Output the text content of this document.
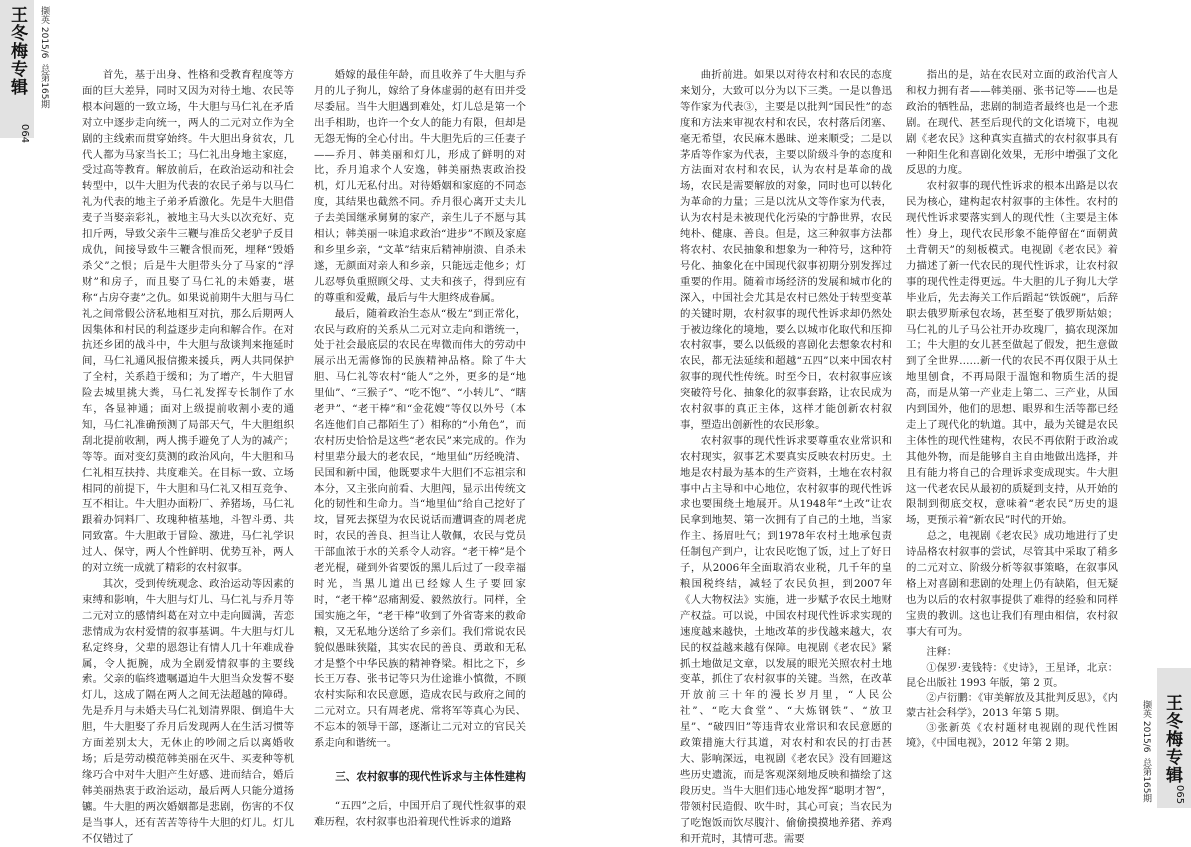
王冬梅专辑
064
撷英 2015/6  总第165期	首先，基于出身、性格和受教育程度等方面的巨大差异，同时又因为对待土地、农民等根本问题的一致立场，牛大胆与马仁礼在矛盾对立中逐步走向统一，两人的二元对立作为全剧的主线索而贯穿始终。牛大胆出身贫农，几代人都为马家当长工；马仁礼出身地主家庭，受过高等教育。解放前后，在政治运动和社会转型中，以牛大胆为代表的农民子弟与以马仁礼为代表的地主子弟矛盾激化。先是牛大胆借麦子当娶亲彩礼，被地主马大头以次充好、克扣斤两，导致父亲牛三鞭与准岳父老驴子反目成仇，间接导致牛三鞭含恨而死，埋释“毁婚杀父”之恨；后是牛大胆带头分了马家的“浮财”和房子，而且娶了马仁礼的未婚妻，堪称“占房夺妻”之仇。如果说前期牛大胆与马仁礼之间常假公济私地相互对抗，那么后期两人因集体和村民的利益逐步走向和解合作。在对抗还乡团的战斗中，牛大胆与敌谈判来拖延时间，马仁礼通风报信搬来援兵，两人共同保护了全村，关系趋于缓和；为了增产，牛大胆冒险去城里挑大粪，马仁礼发挥专长制作了水车，各显神通；面对上级提前收割小麦的通知，马仁礼准确预测了局部天气，牛大胆组织刮北提前收割，两人携手避免了人为的减产；等等。面对变幻莫测的政治风向，牛大胆和马仁礼相互扶持、共度难关。在目标一致、立场相同的前提下，牛大胆和马仁礼又相互竞争、互不相让。牛大胆办面粉厂、养猪场，马仁礼跟着办饲料厂、玫瑰种植基地，斗智斗勇、共同致富。牛大胆敢于冒险、激进，马仁礼学识过人、保守，两人个性鲜明、优势互补，两人的对立统一成就了精彩的农村叙事。

其次，受到传统观念、政治运动等因素的束缚和影响，牛大胆与灯儿、马仁礼与乔月等二元对立的感情纠葛在对立中走向圆满，苦恋悲情成为农村爱情的叙事基调。牛大胆与灯儿私定终身，父辈的恩怨让有情人几十年难成眷属，令人扼腕，成为全剧爱情叙事的主要线索。父亲的临终遗嘱逼迫牛大胆当众发誓不娶灯儿，这成了隔在两人之间无法超越的障碍。先是乔月与未婚夫马仁礼划清界限、倒追牛大胆，牛大胆娶了乔月后发现两人在生活习惯等方面差别太大，无休止的吵闹之后以离婚收场；后是劳动模范韩美丽在灭牛、买麦种等机缘巧合中对牛大胆产生好感、进而结合，婚后韩美丽热衷于政治运动，最后两人只能分道扬镳。牛大胆的两次婚姻都是悲剧，伤害的不仅是当事人，还有苦苦等待牛大胆的灯儿。灯儿不仅错过了

婚嫁的最佳年龄，而且收养了牛大胆与乔月的儿子狗儿，嫁给了身体虚弱的赵有田并受尽委屈。当牛大胆遇到难处，灯儿总是第一个出手相助，也许一个女人的能力有限，但却是无怨无悔的全心付出。牛大胆先后的三任妻子——乔月、韩美丽和灯儿，形成了鲜明的对比，乔月追求个人安逸，韩美丽热衷政治投机，灯儿无私付出。对待婚姻和家庭的不同态度，其结果也截然不同。乔月很心离开丈夫儿子去美国继承舅舅的家产，亲生儿子不愿与其相认；韩美丽一味追求政治“进步”不顾及家庭和乡里乡亲，“文革”结束后精神崩溃、自杀未遂，无颜面对亲人和乡亲，只能远走他乡；灯儿忍辱负重照顾父母、丈夫和孩子，得到应有的尊重和爱戴，最后与牛大胆终成眷属。

最后，随着政治生态从“极左”到正常化，农民与政府的关系从二元对立走向和谐统一，处于社会最底层的农民在卑微而伟大的劳动中展示出无需修饰的民族精神品格。除了牛大胆、马仁礼等农村“能人”之外，更多的是“地里仙”、“三猴子”、“吃不饱”、“小转儿”、“瞎老尹”、“老干棒”和“金花嫂”等仅以外号（本名连他们自己都陌生了）相称的“小角色”，而农村历史恰恰是这些“老农民”来完成的。作为村里辈分最大的老农民，“地里仙”历经晚清、民国和新中国，他既要求牛大胆们不忘祖宗和本分，又主张向前看、大胆闯，显示出传统文化的韧性和生命力。当“地里仙”给自己挖好了坟，冒死去探望为农民说话而遭调查的周老虎时，农民的善良、担当让人敬佩，农民与党员干部血浓于水的关系令人动容。“老干棒”是个老光棍，碰到外省要饭的黑儿后过了一段幸福时光，当黑儿道出已经嫁人生子要回家时，“老干棒”忍痛割爱、毅然放行。同样，全国实施之年，“老干棒”收到了外省寄来的救命粮，又无私地分送给了乡亲们。我们常说农民貌似愚昧狭隘，其实农民的善良、勇敢和无私才是整个中华民族的精神脊梁。相比之下，乡长王万春、张书记等只为仕途谁小慎微，不顾农村实际和农民意愿，造成农民与政府之间的二元对立。只有周老虎、常将军等真心为民、不忘本的领导干部，逐渐让二元对立的官民关系走向和谐统一。

三、农村叙事的现代性诉求与主体性建构

“五四”之后，中国开启了现代性叙事的艰难历程，农村叙事也沿着现代性诉求的道路

曲折前进。如果以对待农村和农民的态度来划分，大致可以分为以下三类。一是以鲁迅等作家为代表③，主要是以批判“国民性”的态度和方法来审视农村和农民，农村落后闭塞、毫无希望，农民麻木愚昧、逆来顺受；二是以茅盾等作家为代表，主要以阶级斗争的态度和方法面对农村和农民，认为农村是革命的战场，农民是需要解放的对象，同时也可以转化为革命的力量；三是以沈从文等作家为代表，认为农村是未被现代化污染的宁静世界，农民纯朴、健康、善良。但是，这三种叙事方法都将农村、农民抽象和想象为一种符号，这种符号化、抽象化在中国现代叙事初期分别发挥过重要的作用。随着市场经济的发展和城市化的深入，中国社会尤其是农村已然处于转型变革的关键时期，农村叙事的现代性诉求却仍然处于被边缘化的境地，要么以城市化取代和压抑农村叙事，要么以低级的喜剧化去想象农村和农民，都无法延续和超越“五四”以来中国农村叙事的现代性传统。时至今日，农村叙事应该突破符号化、抽象化的叙事套路，让农民成为农村叙事的真正主体，这样才能创新农村叙事，塑造出创新性的农民形象。

农村叙事的现代性诉求要尊重农业常识和农村现实，叙事艺术要真实反映农村历史。土地是农村最为基本的生产资料，土地在农村叙事中占主导和中心地位，农村叙事的现代性诉求也要围绕土地展开。从1948年“土改”让农民拿到地契、第一次拥有了自己的土地，当家作主、扬眉吐气；到1978年农村土地承包责任制包产到户，让农民吃饱了饭，过上了好日子，从2006年全面取消农业税，几千年的皇粮国税终结，减轻了农民负担，到2007年《人大物权法》实施，进一步赋予农民土地财产权益。可以说，中国农村现代性诉求实现的速度越来越快，土地改革的步伐越来越大，农民的权益越来越有保障。电视剧《老农民》紧抓土地做足文章，以发展的眼光关照农村土地变革，抓住了农村叙事的关键。当然，在改革开放前三十年的漫长岁月里，“人民公社”、“吃大食堂”、“大炼钢铁”、“放卫星”、“破四旧”等违背农业常识和农民意愿的政策措施大行其道，对农村和农民的打击甚大、影响深远，电视剧《老农民》没有回避这些历史遗流，而是客观深刻地反映和描绘了这段历史。当牛大胆们违心地发挥“聪明才智”，带领村民造假、吹牛时，其心可哀；当农民为了吃饱饭而饮尽腹汁、偷偷摸摸地养猪、养鸡和开荒时，其情可悲。需要

指出的是，站在农民对立面的政治代言人和权力拥有者——韩美丽、张书记等——也是政治的牺牲品，悲剧的制造者最终也是一个悲剧。在现代、甚至后现代的文化语境下，电视剧《老农民》这种真实直描式的农村叙事具有一种阳生化和喜剧化效果，无形中增强了文化反思的力度。

农村叙事的现代性诉求的根本出路是以农民为核心，建构起农村叙事的主体性。农村的现代性诉求要落实到人的现代性（主要是主体性）身上，现代农民形象不能停留在“面朝黄土背朝天”的刻板模式。电视剧《老农民》着力描述了新一代农民的现代性诉求，让农村叙事的现代性走得更远。牛大胆的儿子狗儿大学毕业后，先去海关工作后蹈起“铁饭碗”，后辞职去俄罗斯承包农场，甚至娶了俄罗斯姑娘；马仁礼的儿子马公社开办玫瑰厂，搞农现深加工；牛大胆的女儿甚至做起了假发，把生意做到了全世界……新一代的农民不再仅限于从土地里刨食，不再局限于温饱和物质生活的提高，而是从第一产业走上第二、三产业，从国内到国外，他们的思想、眼界和生活等都已经走上了现代化的轨道。其中，最为关键是农民主体性的现代性建构，农民不再依附于政治或其他外物，而是能够自主自由地做出选择，并且有能力将自己的合理诉求变成现实。牛大胆这一代老农民从最初的质疑到支持，从开始的限制到彻底交权，意味着“老农民”历史的退场，更预示着“新农民”时代的开始。

总之，电视剧《老农民》成功地进行了史诗品格农村叙事的尝试，尽管其中采取了稍多的二元对立、阶级分析等叙事策略，在叙事风格上对喜剧和悲剧的处理上仍有缺陷，但无疑也为以后的农村叙事提供了难得的经验和同样宝贵的教训。这也让我们有理由相信，农村叙事大有可为。

注释：

①保罗·麦钱特：《史诗》，王星译，北京：昆仑出版社 1993 年版，第 2 页。

②卢衍鹏：《审美解放及其批判反思》，《内蒙古社会科学》，2013 年第 5 期。

③张新英《农村题材电视剧的现代性困境》，《中国电视》，2012 年第 2 期。	撷英 2015/6  总第165期 王冬梅专辑
065
